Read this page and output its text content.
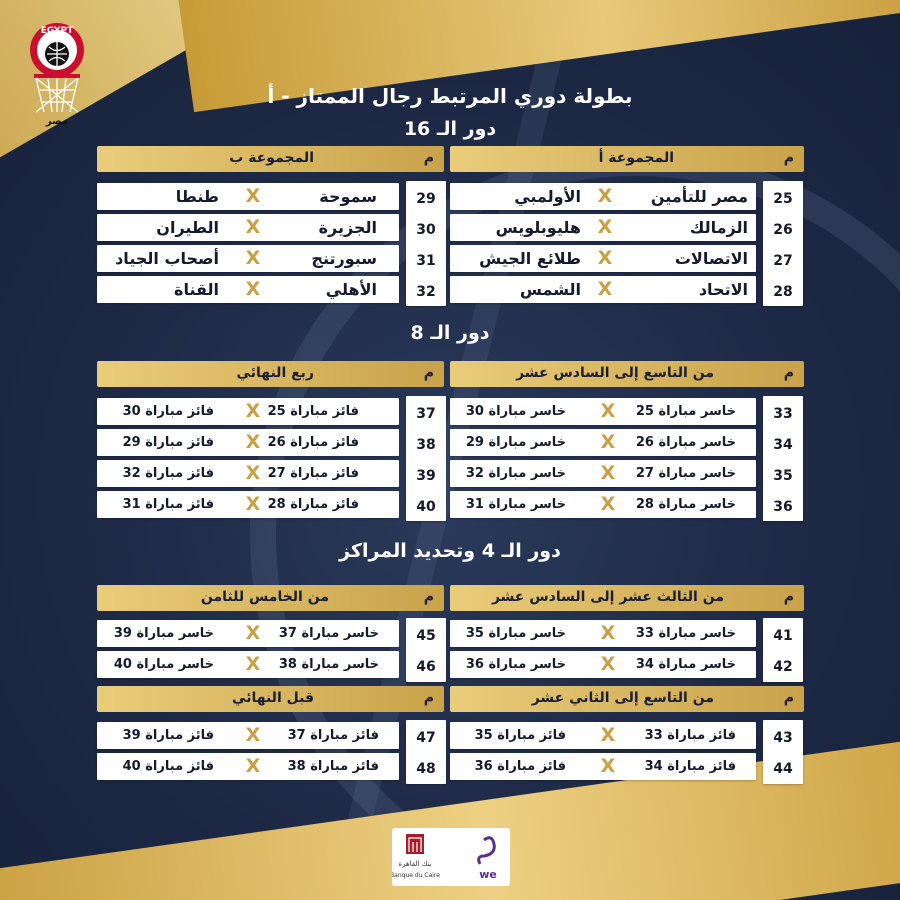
EGYPT
مصر
بطولة دوري المرتبط رجال الممتاز - أ
دور الـ 16
دور الـ 8
دور الـ 4 وتحديد المراكز
م
المجموعة أ
م
المجموعة ب
25
26
27
28
29
30
31
32
مصر للتأمين
X
الأولمبي
الزمالك
X
هليوبلويس
الاتصالات
X
طلائع الجيش
الاتحاد
X
الشمس
سموحة
X
طنطا
الجزيرة
X
الطيران
سبورتنج
X
أصحاب الجياد
الأهلي
X
القناة
م
من التاسع إلى السادس عشر
م
ربع النهائي
33
34
35
36
37
38
39
40
خاسر مباراة 25
X
خاسر مباراة 30
خاسر مباراة 26
X
خاسر مباراة 29
خاسر مباراة 27
X
خاسر مباراة 32
خاسر مباراة 28
X
خاسر مباراة 31
فائز مباراة 25
X
فائز مباراة 30
فائز مباراة 26
X
فائز مباراة 29
فائز مباراة 27
X
فائز مباراة 32
فائز مباراة 28
X
فائز مباراة 31
م
من الثالث عشر إلى السادس عشر
م
من الخامس للثامن
41
42
45
46
خاسر مباراة 33
X
خاسر مباراة 35
خاسر مباراة 34
X
خاسر مباراة 36
خاسر مباراة 37
X
خاسر مباراة 39
خاسر مباراة 38
X
خاسر مباراة 40
م
من التاسع إلى الثاني عشر
م
قبل النهائي
43
44
47
48
فائز مباراة 33
X
فائز مباراة 35
فائز مباراة 34
X
فائز مباراة 36
فائز مباراة 37
X
فائز مباراة 39
فائز مباراة 38
X
فائز مباراة 40
بنك القاهرة
Banque du Caire	we
